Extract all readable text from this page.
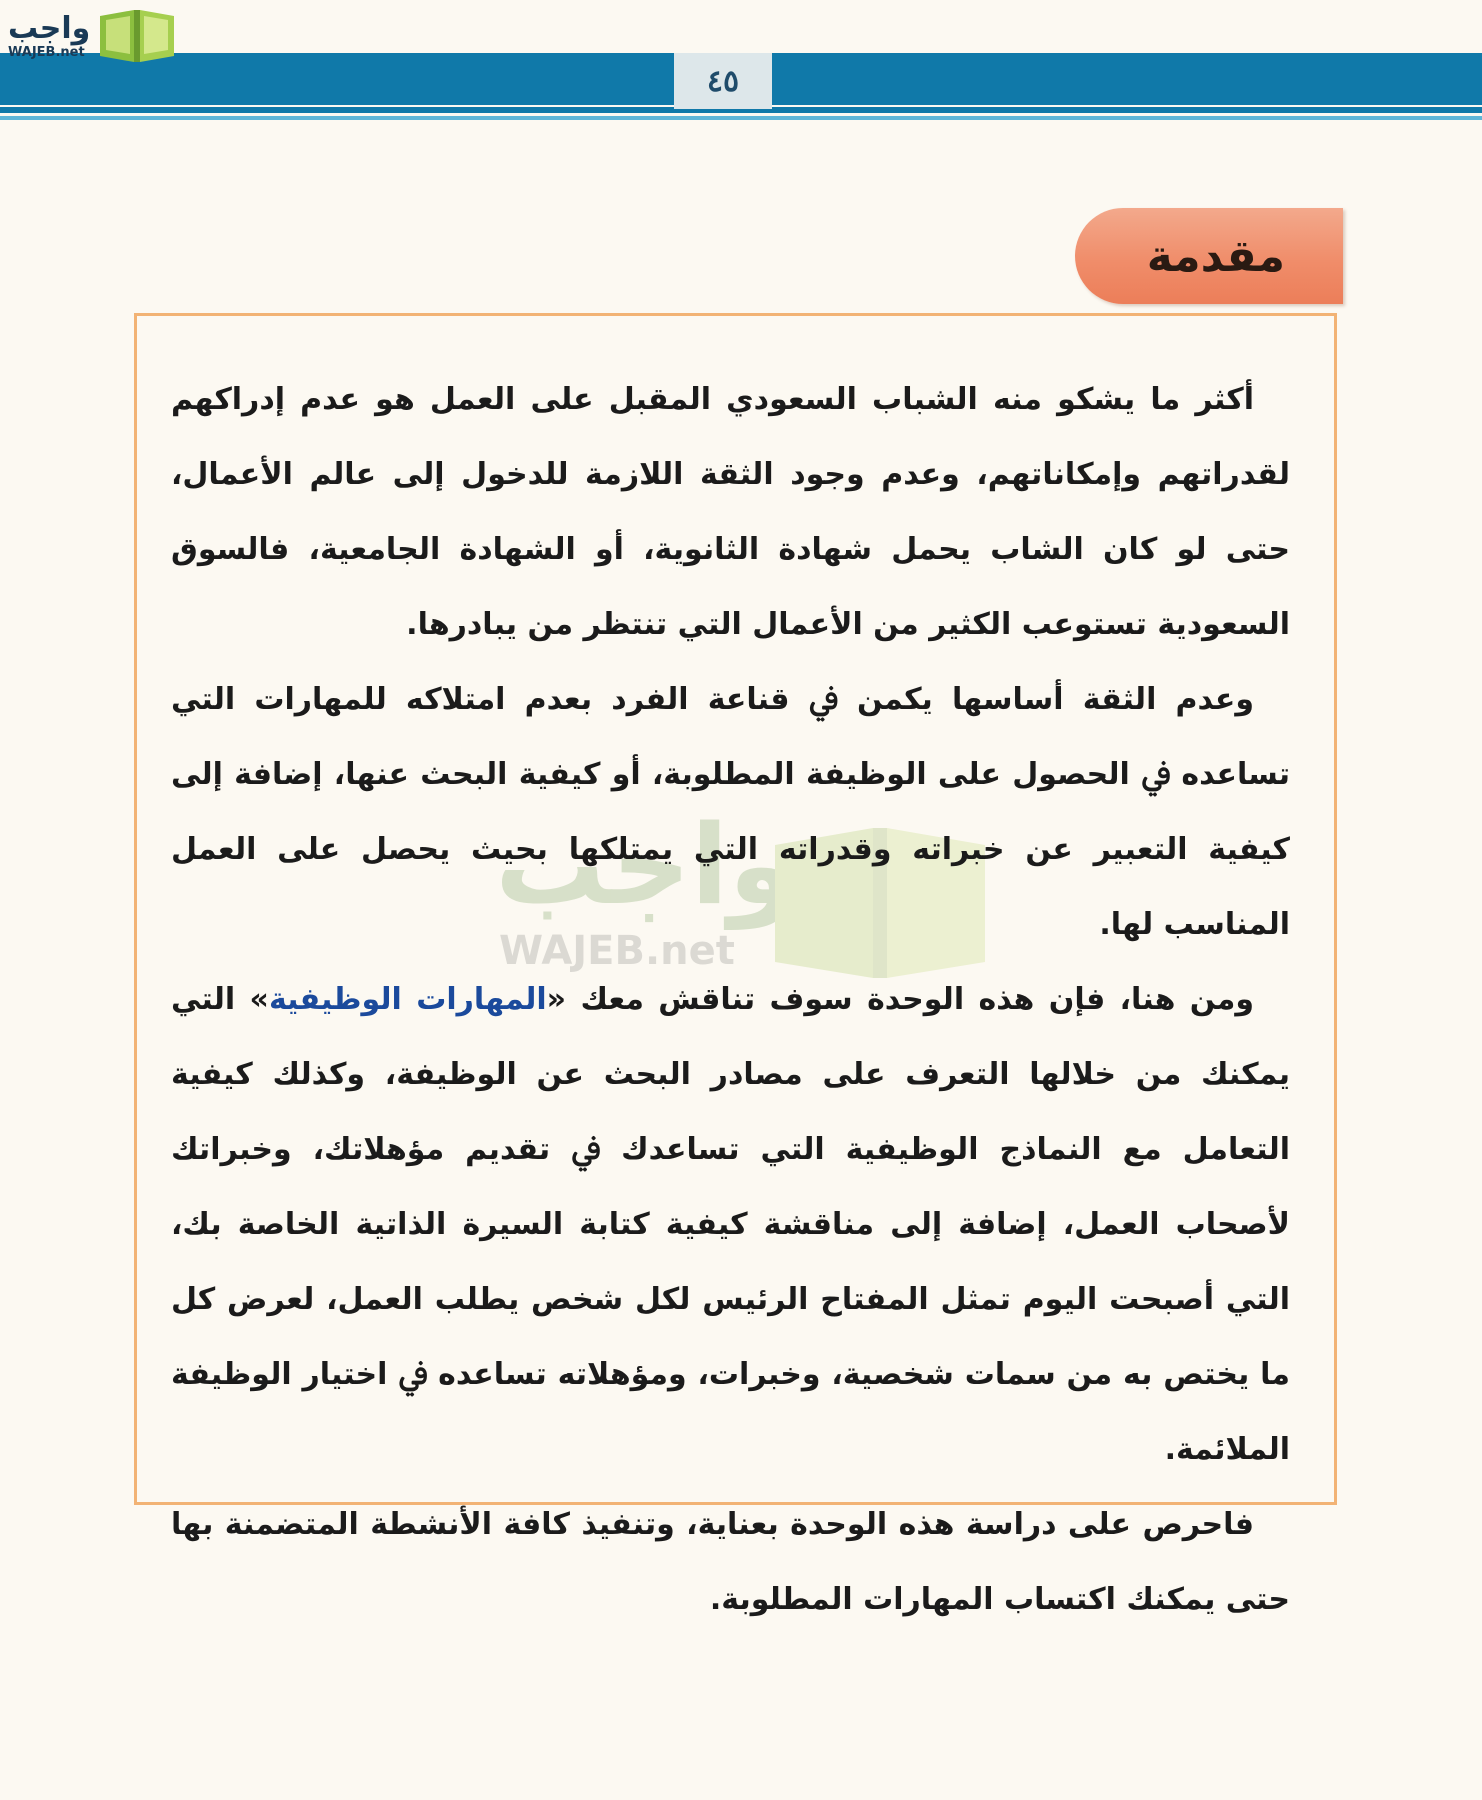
٤٥
واجب
WAJEB.net
مقدمة
واجب
WAJEB.net

أكثر ما يشكو منه الشباب السعودي المقبل على العمل هو عدم إدراكهم لقدراتهم وإمكاناتهم، وعدم وجود الثقة اللازمة للدخول إلى عالم الأعمال، حتى لو كان الشاب يحمل شهادة الثانوية، أو الشهادة الجامعية، فالسوق السعودية تستوعب الكثير من الأعمال التي تنتظر من يبادرها.

وعدم الثقة أساسها يكمن ﰲ قناعة الفرد بعدم امتلاكه للمهارات التي تساعده ﰲ الحصول على الوظيفة المطلوبة، أو كيفية البحث عنها، إضافة إلى كيفية التعبير عن خبراته وقدراته التي يمتلكها بحيث يحصل على العمل المناسب لها.

ومن هنا، فإن هذه الوحدة سوف تناقش معك «المهارات الوظيفية» التي يمكنك من خلالها التعرف على مصادر البحث عن الوظيفة، وكذلك كيفية التعامل مع النماذج الوظيفية التي تساعدك ﰲ تقديم مؤهلاتك، وخبراتك لأصحاب العمل، إضافة إلى مناقشة كيفية كتابة السيرة الذاتية الخاصة بك، التي أصبحت اليوم تمثل المفتاح الرئيس لكل شخص يطلب العمل، لعرض كل ما يختص به من سمات شخصية، وخبرات، ومؤهلاته تساعده ﰲ اختيار الوظيفة الملائمة.

فاحرص على دراسة هذه الوحدة بعناية، وتنفيذ كافة الأنشطة المتضمنة بها حتى يمكنك اكتساب المهارات المطلوبة.
